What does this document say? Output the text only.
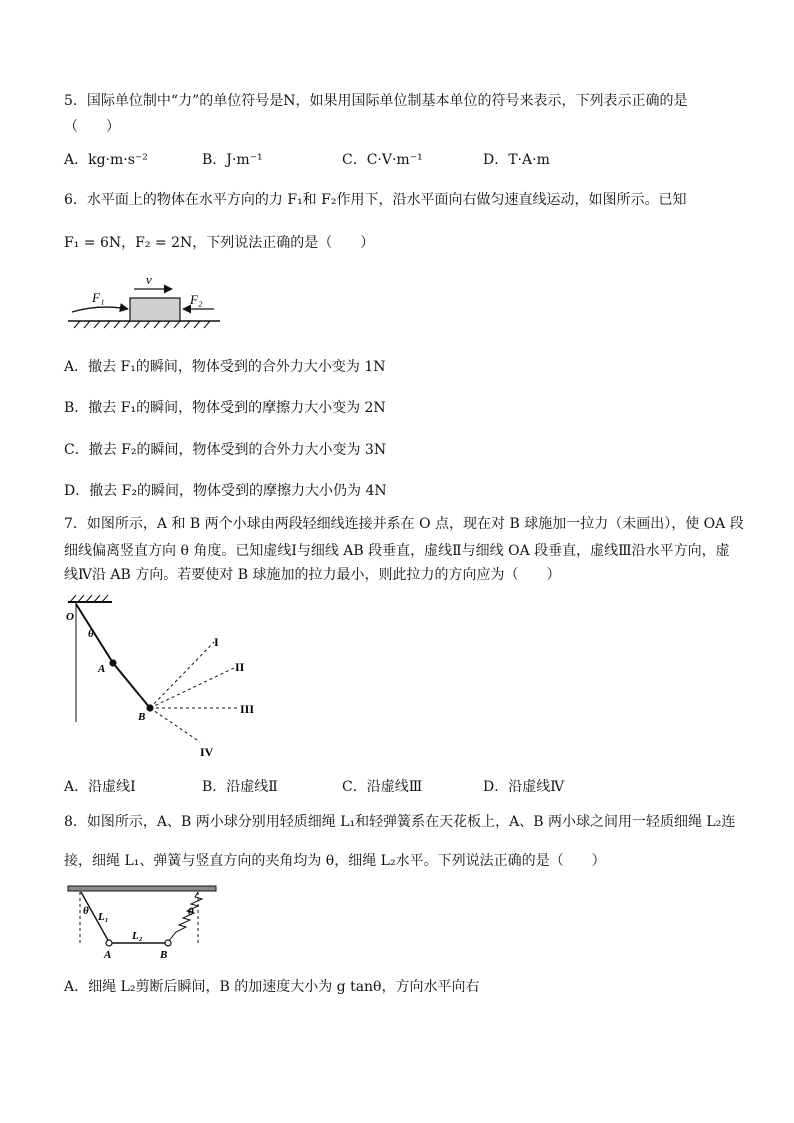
5．国际单位制中“力”的单位符号是N，如果用国际单位制基本单位的符号来表示，下列表示正确的是
（　　）
A．kg·m·s⁻²	B．J·m⁻¹	C．C·V·m⁻¹	D．T·A·m
6．水平面上的物体在水平方向的力 F₁和 F₂作用下，沿水平面向右做匀速直线运动，如图所示。已知
F₁ = 6N，F₂ = 2N，下列说法正确的是（　　）
v
F₁	F₂
A．撤去 F₁的瞬间，物体受到的合外力大小变为 1N
B．撤去 F₁的瞬间，物体受到的摩擦力大小变为 2N
C．撤去 F₂的瞬间，物体受到的合外力大小变为 3N
D．撤去 F₂的瞬间，物体受到的摩擦力大小仍为 4N
7．如图所示，A 和 B 两个小球由两段轻细线连接并系在 O 点，现在对 B 球施加一拉力（未画出），使 OA 段
细线偏离竖直方向 θ 角度。已知虚线Ⅰ与细线 AB 段垂直，虚线Ⅱ与细线 OA 段垂直，虚线Ⅲ沿水平方向，虚
线Ⅳ沿 AB 方向。若要使对 B 球施加的拉力最小，则此拉力的方向应为（　　）
O
θ
A
B
I
II
III
IV
A．沿虚线Ⅰ	B．沿虚线Ⅱ	C．沿虚线Ⅲ	D．沿虚线Ⅳ
8．如图所示，A、B 两小球分别用轻质细绳 L₁和轻弹簧系在天花板上，A、B 两小球之间用一轻质细绳 L₂连
接，细绳 L₁、弹簧与竖直方向的夹角均为 θ，细绳 L₂水平。下列说法正确的是（　　）
θ	θ
L₁
L₂
A	B
A．细绳 L₂剪断后瞬间，B 的加速度大小为 g tanθ，方向水平向右
